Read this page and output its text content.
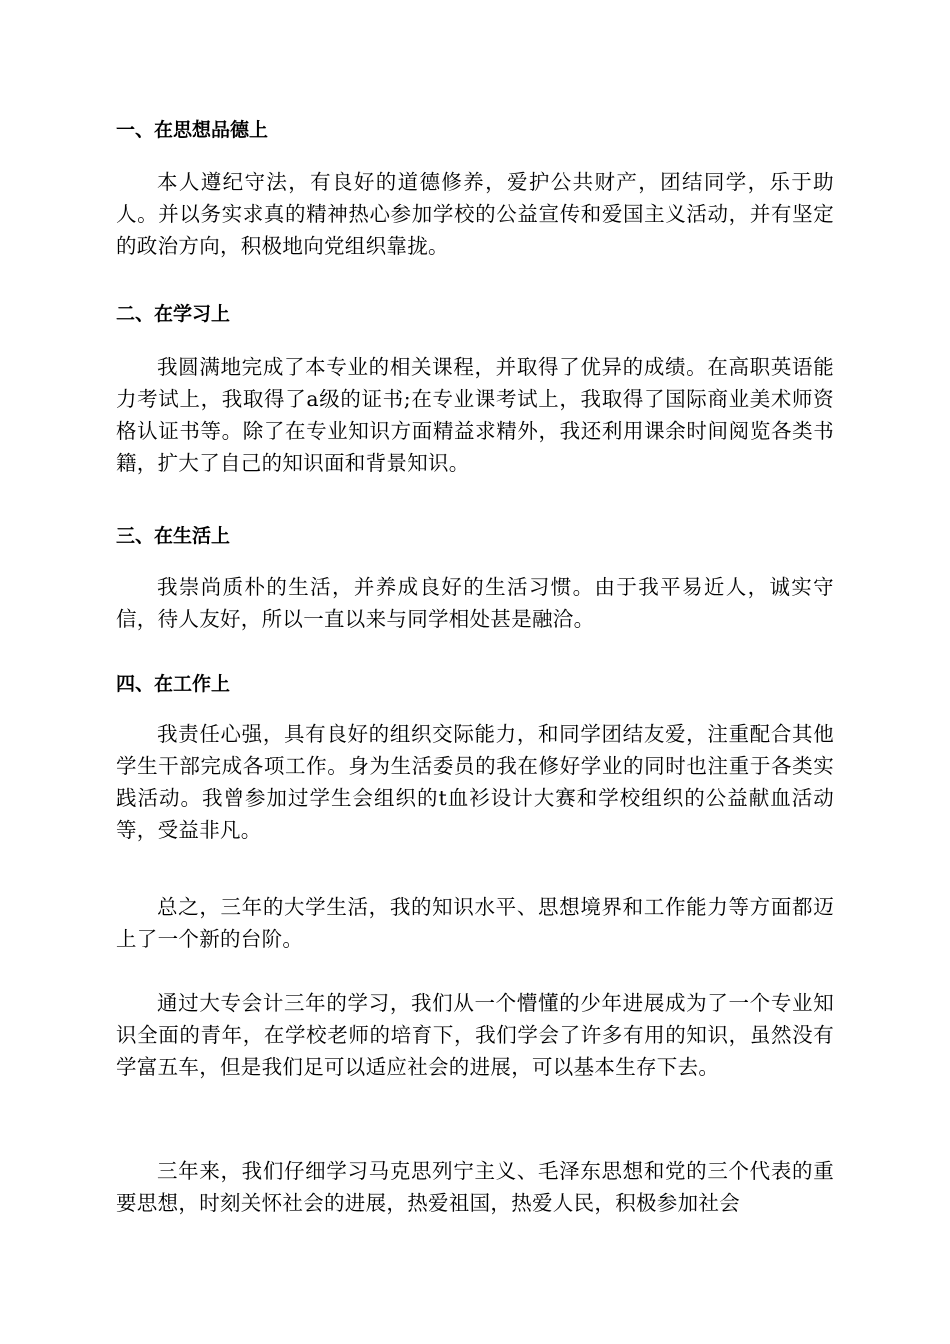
一、在思想品德上

本人遵纪守法，有良好的道德修养，爱护公共财产，团结同学，乐于助人。并以务实求真的精神热心参加学校的公益宣传和爱国主义活动，并有坚定的政治方向，积极地向党组织靠拢。

二、在学习上

我圆满地完成了本专业的相关课程，并取得了优异的成绩。在高职英语能力考试上，我取得了a级的证书;在专业课考试上，我取得了国际商业美术师资格认证书等。除了在专业知识方面精益求精外，我还利用课余时间阅览各类书籍，扩大了自己的知识面和背景知识。

三、在生活上

我崇尚质朴的生活，并养成良好的生活习惯。由于我平易近人，诚实守信，待人友好，所以一直以来与同学相处甚是融洽。

四、在工作上

我责任心强，具有良好的组织交际能力，和同学团结友爱，注重配合其他学生干部完成各项工作。身为生活委员的我在修好学业的同时也注重于各类实践活动。我曾参加过学生会组织的t血衫设计大赛和学校组织的公益献血活动等，受益非凡。

总之，三年的大学生活，我的知识水平、思想境界和工作能力等方面都迈上了一个新的台阶。

通过大专会计三年的学习，我们从一个懵懂的少年进展成为了一个专业知识全面的青年，在学校老师的培育下，我们学会了许多有用的知识，虽然没有学富五车，但是我们足可以适应社会的进展，可以基本生存下去。

三年来，我们仔细学习马克思列宁主义、毛泽东思想和党的三个代表的重要思想，时刻关怀社会的进展，热爱祖国，热爱人民，积极参加社会
